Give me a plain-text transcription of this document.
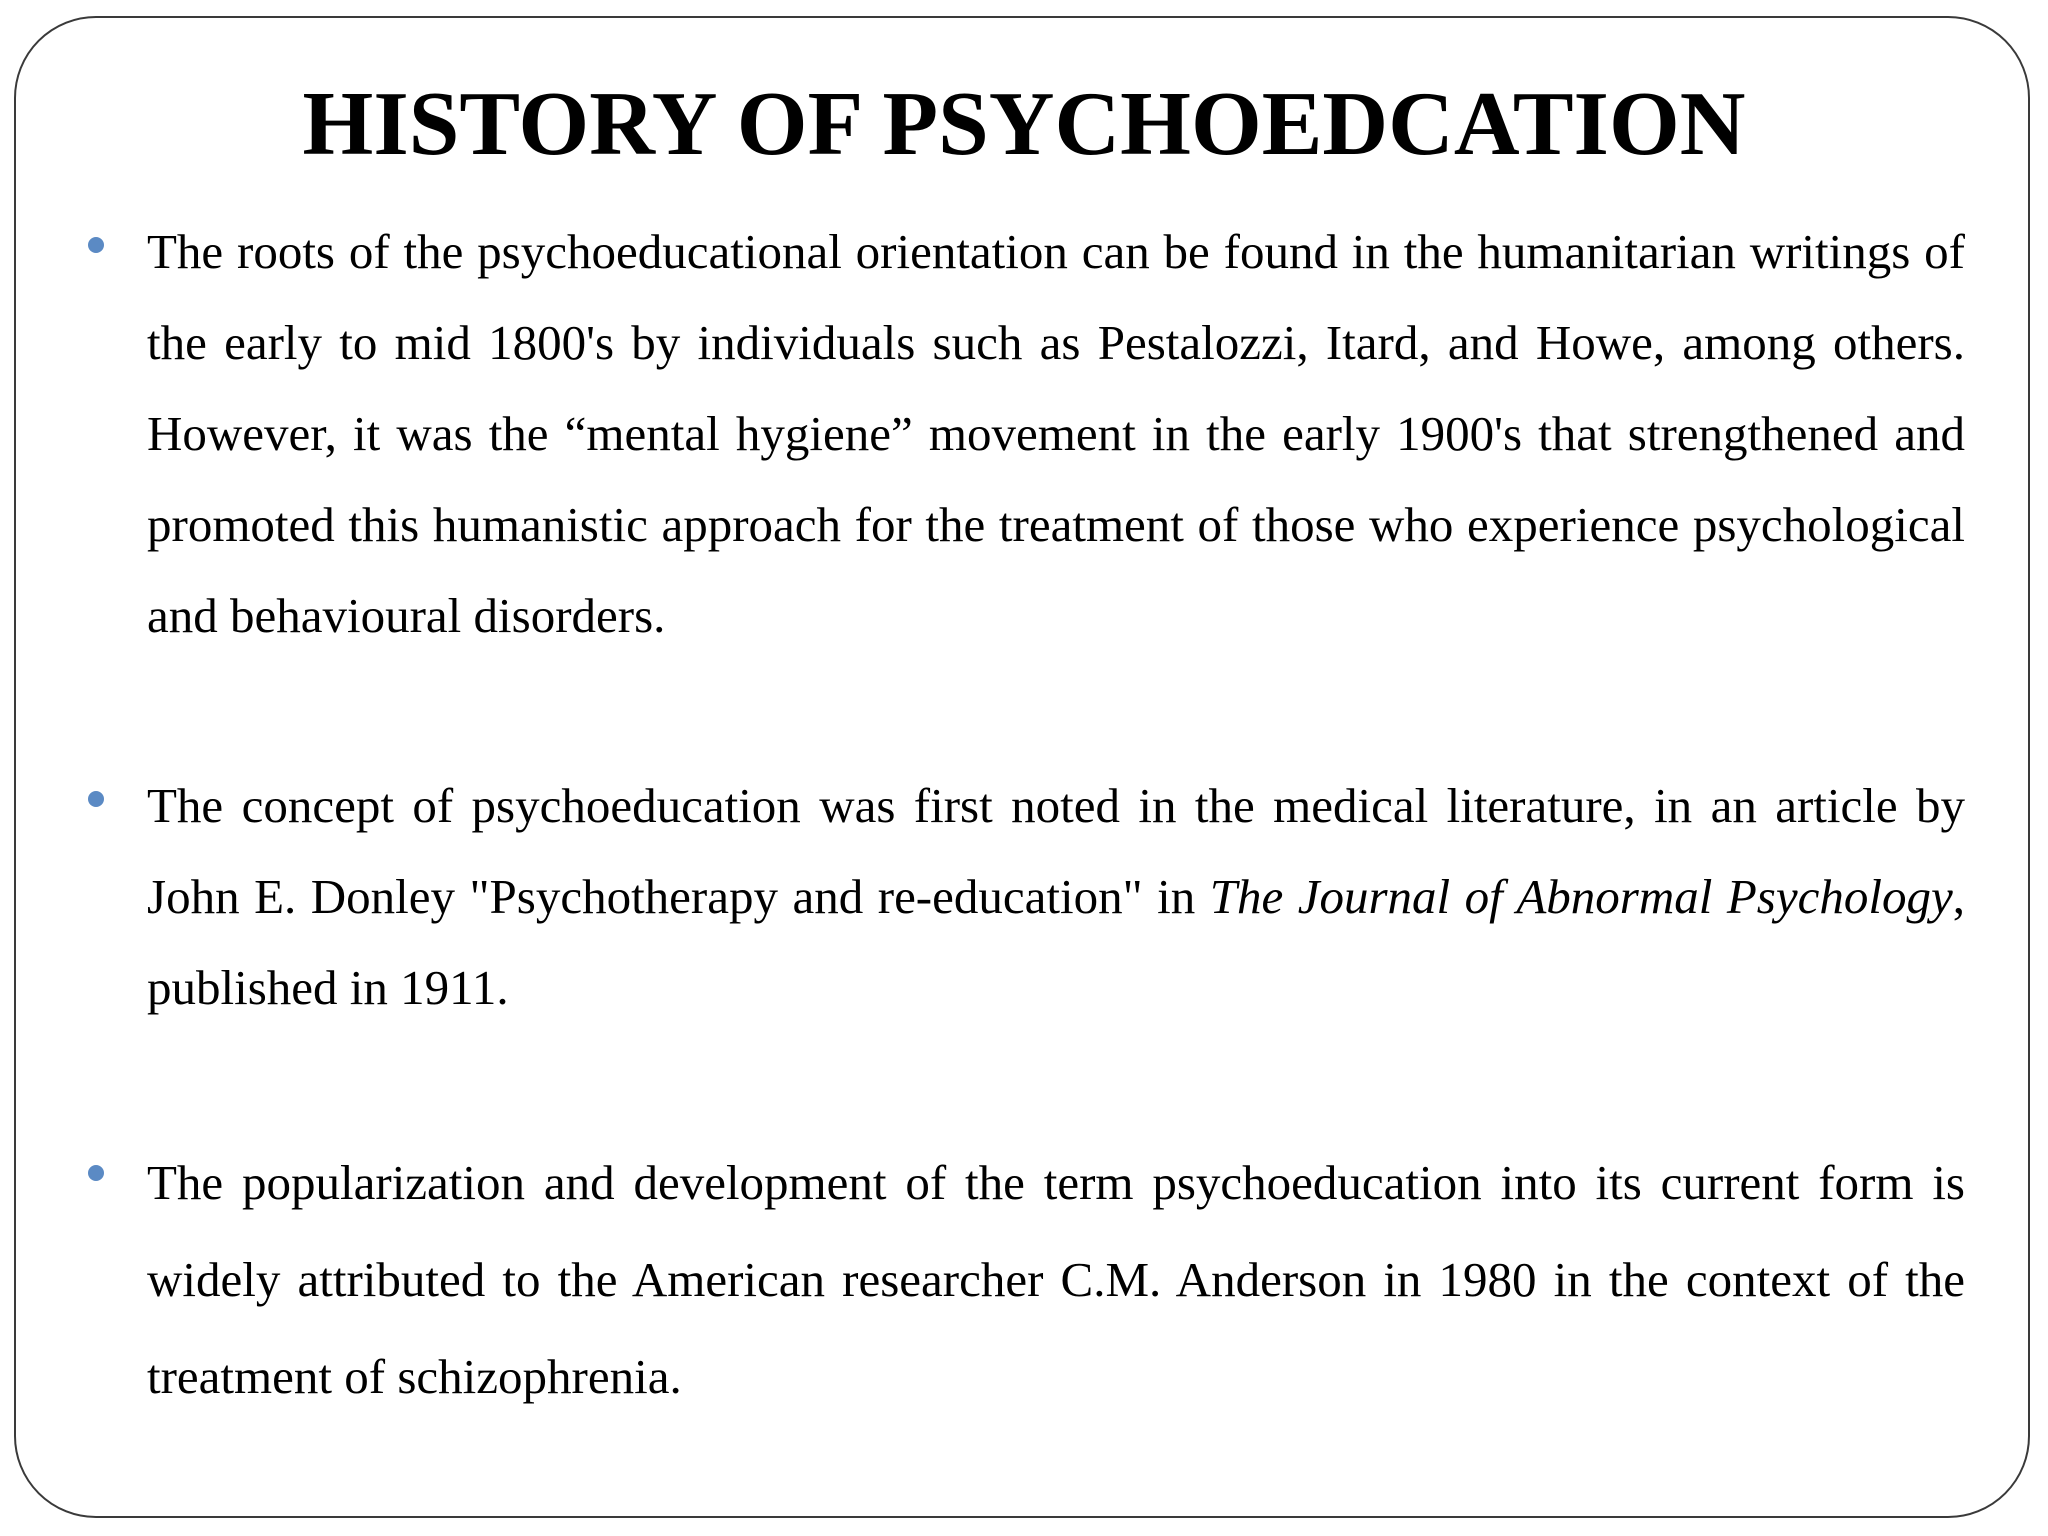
HISTORY OF PSYCHOEDCATION
The roots of the psychoeducational orientation can be found in the humanitarian writings of the early to mid 1800's by individuals such as Pestalozzi, Itard, and Howe, among others. However, it was the “mental hygiene” movement in the early 1900's that strengthened and promoted this humanistic approach for the treatment of those who experience psychological and behavioural disorders.
The concept of psychoeducation was first noted in the medical literature, in an article by John E. Donley "Psychotherapy and re-education" in The Journal of Abnormal Psychology, published in 1911.
The popularization and development of the term psychoeducation into its current form is widely attributed to the American researcher C.M. Anderson in 1980 in the context of the treatment of schizophrenia.
